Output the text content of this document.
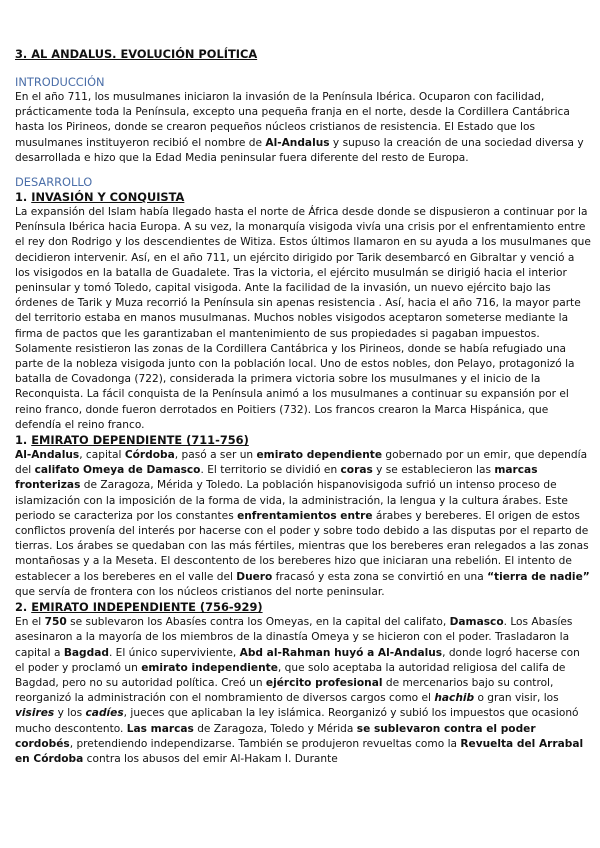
3. AL ANDALUS. EVOLUCIÓN POLÍTICA
INTRODUCCIÓN

En el año 711, los musulmanes iniciaron la invasión de la Península Ibérica. Ocuparon con facilidad, prácticamente toda la Península, excepto una pequeña franja en el norte, desde la Cordillera Cantábrica hasta los Pirineos, donde se crearon pequeños núcleos cristianos de resistencia. El Estado que los musulmanes instituyeron recibió el nombre de Al-Andalus y supuso la creación de una sociedad diversa y desarrollada e hizo que la Edad Media peninsular fuera diferente del resto de Europa.

DESARROLLO
1. INVASIÓN Y CONQUISTA

La expansión del Islam había llegado hasta el norte de África desde donde se dispusieron a continuar por la Península Ibérica hacia Europa. A su vez, la monarquía visigoda vivía una crisis por el enfrentamiento entre el rey don Rodrigo y los descendientes de Witiza. Estos últimos llamaron en su ayuda a los musulmanes que decidieron intervenir. Así, en el año 711, un ejército dirigido por Tarik desembarcó en Gibraltar y venció a los visigodos en la batalla de Guadalete. Tras la victoria, el ejército musulmán se dirigió hacia el interior peninsular y tomó Toledo, capital visigoda. Ante la facilidad de la invasión, un nuevo ejército bajo las órdenes de Tarik y Muza recorrió la Península sin apenas resistencia . Así, hacia el año 716, la mayor parte del territorio estaba en manos musulmanas. Muchos nobles visigodos aceptaron someterse mediante la firma de pactos que les garantizaban el mantenimiento de sus propiedades si pagaban impuestos. Solamente resistieron las zonas de la Cordillera Cantábrica y los Pirineos, donde se había refugiado una parte de la nobleza visigoda junto con la población local. Uno de estos nobles, don Pelayo, protagonizó la batalla de Covadonga (722), considerada la primera victoria sobre los musulmanes y el inicio de la Reconquista. La fácil conquista de la Península animó a los musulmanes a continuar su expansión por el reino franco, donde fueron derrotados en Poitiers (732). Los francos crearon la Marca Hispánica, que defendía el reino franco.

1. EMIRATO DEPENDIENTE (711-756)

Al-Andalus, capital Córdoba, pasó a ser un emirato dependiente gobernado por un emir, que dependía del califato Omeya de Damasco. El territorio se dividió en coras y se establecieron las marcas fronterizas de Zaragoza, Mérida y Toledo. La población hispanovisigoda sufrió un intenso proceso de islamización con la imposición de la forma de vida, la administración, la lengua y la cultura árabes. Este periodo se caracteriza por los constantes enfrentamientos entre árabes y bereberes. El origen de estos conflictos provenía del interés por hacerse con el poder y sobre todo debido a las disputas por el reparto de tierras. Los árabes se quedaban con las más fértiles, mientras que los bereberes eran relegados a las zonas montañosas y a la Meseta. El descontento de los bereberes hizo que iniciaran una rebelión. El intento de establecer a los bereberes en el valle del Duero fracasó y esta zona se convirtió en una “tierra de nadie” que servía de frontera con los núcleos cristianos del norte peninsular.

2. EMIRATO INDEPENDIENTE (756-929)

En el 750 se sublevaron los Abasíes contra los Omeyas, en la capital del califato, Damasco. Los Abasíes asesinaron a la mayoría de los miembros de la dinastía Omeya y se hicieron con el poder. Trasladaron la capital a Bagdad. El único superviviente, Abd al-Rahman huyó a Al-Andalus, donde logró hacerse con el poder y proclamó un emirato independiente, que solo aceptaba la autoridad religiosa del califa de Bagdad, pero no su autoridad política. Creó un ejército profesional de mercenarios bajo su control, reorganizó la administración con el nombramiento de diversos cargos como el hachib o gran visir, los visires y los cadíes, jueces que aplicaban la ley islámica. Reorganizó y subió los impuestos que ocasionó mucho descontento. Las marcas de Zaragoza, Toledo y Mérida se sublevaron contra el poder cordobés, pretendiendo independizarse. También se produjeron revueltas como la Revuelta del Arrabal en Córdoba contra los abusos del emir Al-Hakam I. Durante
